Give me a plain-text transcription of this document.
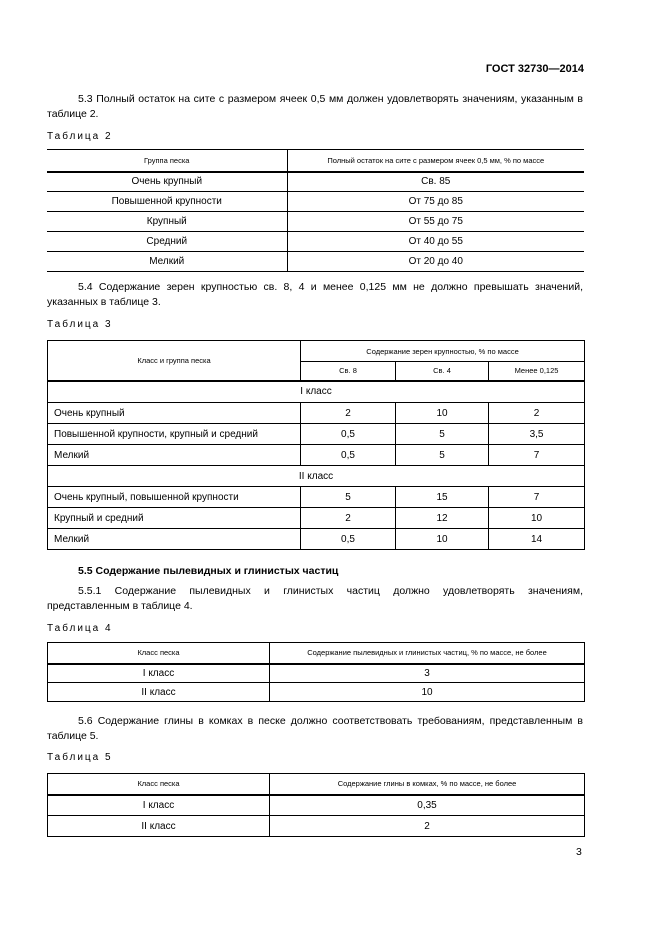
ГОСТ 32730—2014
5.3 Полный остаток на сите с размером ячеек 0,5 мм должен удовлетворять значениям, указанным в таблице 2.
Таблица 2
Группа песка	Полный остаток на сите с размером ячеек 0,5 мм, % по массе
Очень крупный	Св. 85
Повышенной крупности	От 75 до 85
Крупный	От 55 до 75
Средний	От 40 до 55
Мелкий	От 20 до 40
5.4 Содержание зерен крупностью св. 8, 4 и менее 0,125 мм не должно превышать значений, указанных в таблице 3.
Таблица 3
Класс и группа песка	Содержание зерен крупностью, % по массе		
	Св. 8	Св. 4	Менее 0,125
I класс			
Очень крупный	2	10	2
Повышенной крупности, крупный и средний	0,5	5	3,5
Мелкий	0,5	5	7
II класс			
Очень крупный, повышенной крупности	5	15	7
Крупный и средний	2	12	10
Мелкий	0,5	10	14
5.5 Содержание пылевидных и глинистых частиц
5.5.1 Содержание пылевидных и глинистых частиц должно удовлетворять значениям, представленным в таблице 4.
Таблица 4
Класс песка	Содержание пылевидных и глинистых частиц, % по массе, не более
I класс	3
II класс	10
5.6 Содержание глины в комках в песке должно соответствовать требованиям, представленным в таблице 5.
Таблица 5
Класс песка	Содержание глины в комках, % по массе, не более
I класс	0,35
II класс	2
3
